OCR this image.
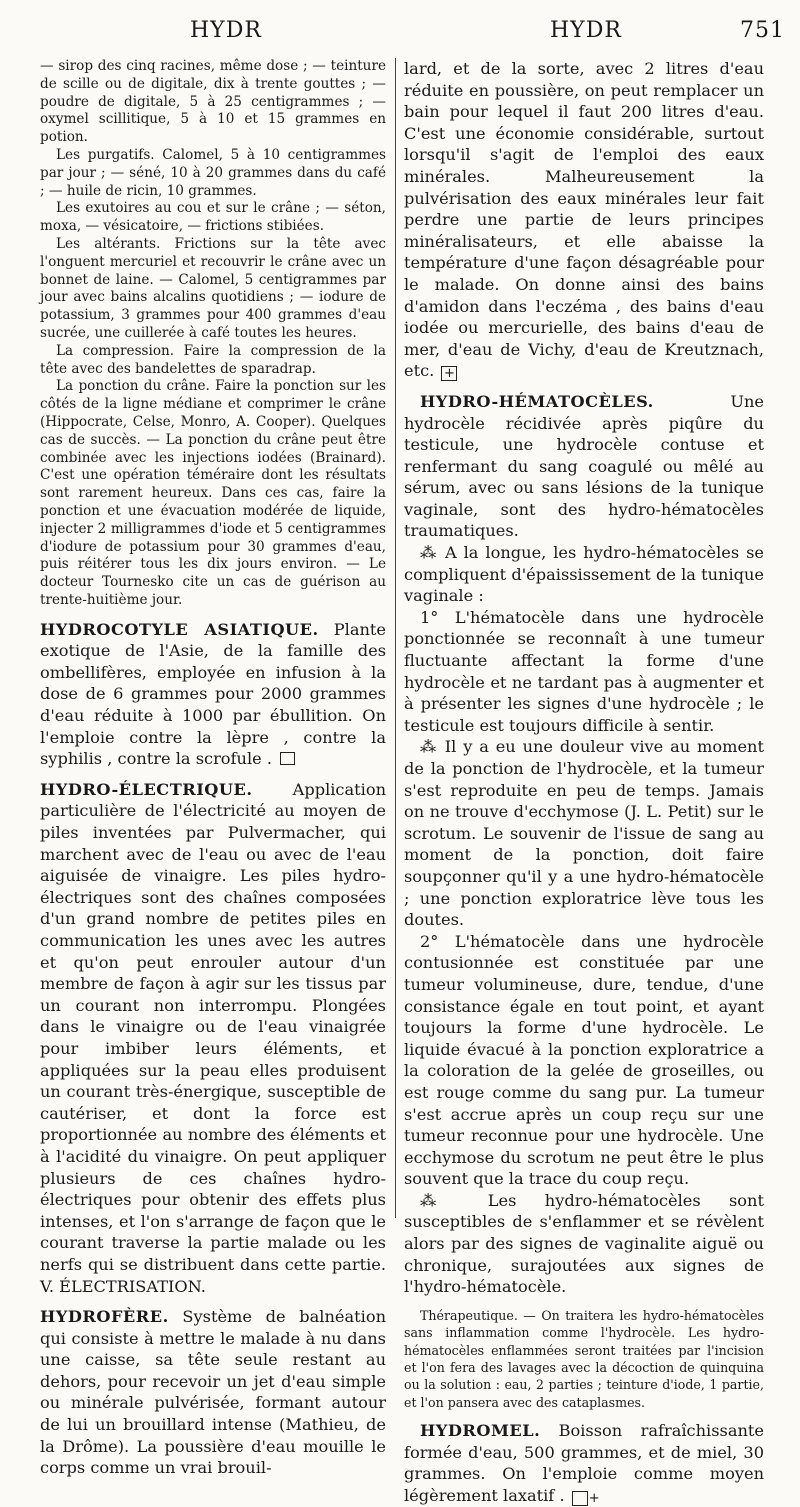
HYDR	HYDR	751

— sirop des cinq racines, même dose ; — teinture de scille ou de digitale, dix à trente gouttes ; — poudre de digitale, 5 à 25 centigrammes ; — oxymel scillitique, 5 à 10 et 15 grammes en potion.

Les purgatifs. Calomel, 5 à 10 centigrammes par jour ; — séné, 10 à 20 grammes dans du café ; — huile de ricin, 10 grammes.

Les exutoires au cou et sur le crâne ; — séton, moxa, — vésicatoire, — frictions stibiées.

Les altérants. Frictions sur la tête avec l'onguent mercuriel et recouvrir le crâne avec un bonnet de laine. — Calomel, 5 centigrammes par jour avec bains alcalins quotidiens ; — iodure de potassium, 3 grammes pour 400 grammes d'eau sucrée, une cuillerée à café toutes les heures.

La compression. Faire la compression de la tête avec des bandelettes de sparadrap.

La ponction du crâne. Faire la ponction sur les côtés de la ligne médiane et comprimer le crâne (Hippocrate, Celse, Monro, A. Cooper). Quelques cas de succès. — La ponction du crâne peut être combinée avec les injections iodées (Brainard). C'est une opération téméraire dont les résultats sont rarement heureux. Dans ces cas, faire la ponction et une évacuation modérée de liquide, injecter 2 milligrammes d'iode et 5 centigrammes d'iodure de potassium pour 30 grammes d'eau, puis réitérer tous les dix jours environ. — Le docteur Tournesko cite un cas de guérison au trente-huitième jour.

HYDROCOTYLE ASIATIQUE. Plante exotique de l'Asie, de la famille des ombellifères, employée en infusion à la dose de 6 grammes pour 2000 grammes d'eau réduite à 1000 par ébullition. On l'emploie contre la lèpre , contre la syphilis , contre la scrofule .

HYDRO-ÉLECTRIQUE. Application particulière de l'électricité au moyen de piles inventées par Pulvermacher, qui marchent avec de l'eau ou avec de l'eau aiguisée de vinaigre. Les piles hydro-électriques sont des chaînes composées d'un grand nombre de petites piles en communication les unes avec les autres et qu'on peut enrouler autour d'un membre de façon à agir sur les tissus par un courant non interrompu. Plongées dans le vinaigre ou de l'eau vinaigrée pour imbiber leurs éléments, et appliquées sur la peau elles produisent un courant très-énergique, susceptible de cautériser, et dont la force est proportionnée au nombre des éléments et à l'acidité du vinaigre. On peut appliquer plusieurs de ces chaînes hydro-électriques pour obtenir des effets plus intenses, et l'on s'arrange de façon que le courant traverse la partie malade ou les nerfs qui se distribuent dans cette partie. V. ÉLECTRISATION.

HYDROFÈRE. Système de balnéation qui consiste à mettre le malade à nu dans une caisse, sa tête seule restant au dehors, pour recevoir un jet d'eau simple ou minérale pulvérisée, formant autour de lui un brouillard intense (Mathieu, de la Drôme). La poussière d'eau mouille le corps comme un vrai brouil-

lard, et de la sorte, avec 2 litres d'eau réduite en poussière, on peut remplacer un bain pour lequel il faut 200 litres d'eau. C'est une économie considérable, surtout lorsqu'il s'agit de l'emploi des eaux minérales. Malheureusement la pulvérisation des eaux minérales leur fait perdre une partie de leurs principes minéralisateurs, et elle abaisse la température d'une façon désagréable pour le malade. On donne ainsi des bains d'amidon dans l'eczéma , des bains d'eau iodée ou mercurielle, des bains d'eau de mer, d'eau de Vichy, d'eau de Kreutznach, etc. +

HYDRO-HÉMATOCÈLES.	Une hydrocèle récidivée après piqûre du testicule, une hydrocèle contuse et renfermant du sang coagulé ou mêlé au sérum, avec ou sans lésions de la tunique vaginale, sont des hydro-hématocèles traumatiques.

⁂ A la longue, les hydro-hématocèles se compliquent d'épaississement de la tunique vaginale :

1° L'hématocèle dans une hydrocèle ponctionnée se reconnaît à une tumeur fluctuante affectant la forme d'une hydrocèle et ne tardant pas à augmenter et à présenter les signes d'une hydrocèle ; le testicule est toujours difficile à sentir.

⁂ Il y a eu une douleur vive au moment de la ponction de l'hydrocèle, et la tumeur s'est reproduite en peu de temps. Jamais on ne trouve d'ecchymose (J. L. Petit) sur le scrotum. Le souvenir de l'issue de sang au moment de la ponction, doit faire soupçonner qu'il y a une hydro-hématocèle ; une ponction exploratrice lève tous les doutes.

2° L'hématocèle dans une hydrocèle contusionnée est constituée par une tumeur volumineuse, dure, tendue, d'une consistance égale en tout point, et ayant toujours la forme d'une hydrocèle. Le liquide évacué à la ponction exploratrice a la coloration de la gelée de groseilles, ou est rouge comme du sang pur. La tumeur s'est accrue après un coup reçu sur une tumeur reconnue pour une hydrocèle. Une ecchymose du scrotum ne peut être le plus souvent que la trace du coup reçu.

⁂ Les hydro-hématocèles sont susceptibles de s'enflammer et se révèlent alors par des signes de vaginalite aiguë ou chronique, surajoutées aux signes de l'hydro-hématocèle.

Thérapeutique. — On traitera les hydro-hématocèles sans inflammation comme l'hydrocèle. Les hydro-hématocèles enflammées seront traitées par l'incision et l'on fera des lavages avec la décoction de quinquina ou la solution : eau, 2 parties ; teinture d'iode, 1 partie, et l'on pansera avec des cataplasmes.

HYDROMEL. Boisson rafraîchissante formée d'eau, 500 grammes, et de miel, 30 grammes. On l'emploie comme moyen légèrement laxatif . +
